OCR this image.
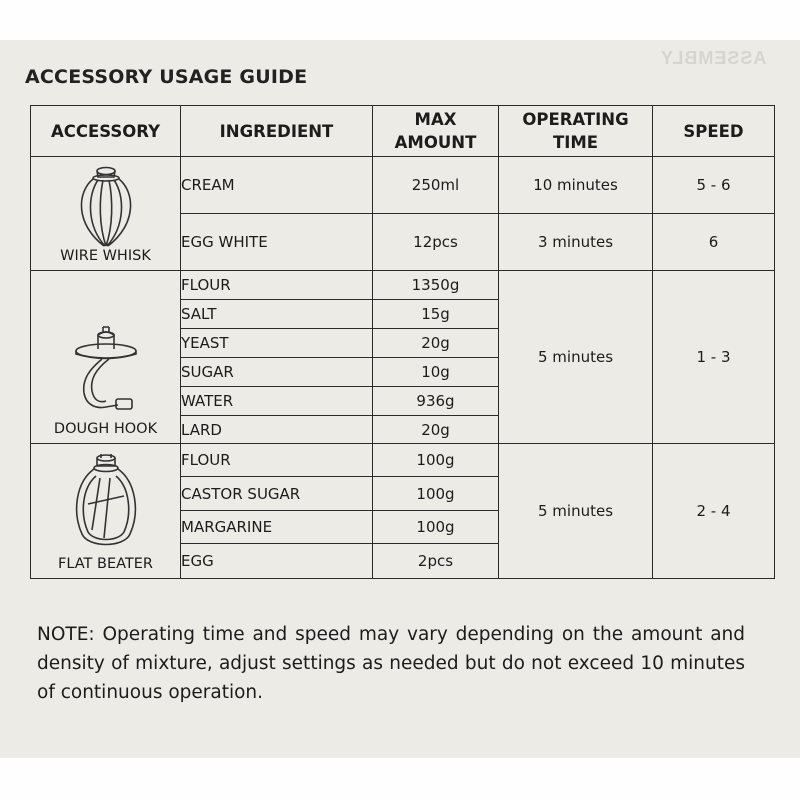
ASSEMBLY
ACCESSORY USAGE GUIDE
ACCESSORY	INGREDIENT	MAX AMOUNT	OPERATING TIME	SPEED

WIRE WHISK	CREAM	250ml	10 minutes	5 - 6
	EGG WHITE	12pcs	3 minutes	6

DOUGH HOOK	FLOUR	1350g	5 minutes	1 - 3
	SALT	15g		
	YEAST	20g		
	SUGAR	10g		
	WATER	936g		
	LARD	20g		

FLAT BEATER	FLOUR	100g	5 minutes	2 - 4
	CASTOR SUGAR	100g		
	MARGARINE	100g		
	EGG	2pcs		
NOTE: Operating time and speed may vary depending on the amount and density of mixture, adjust settings as needed but do not exceed 10 minutes of continuous operation.
